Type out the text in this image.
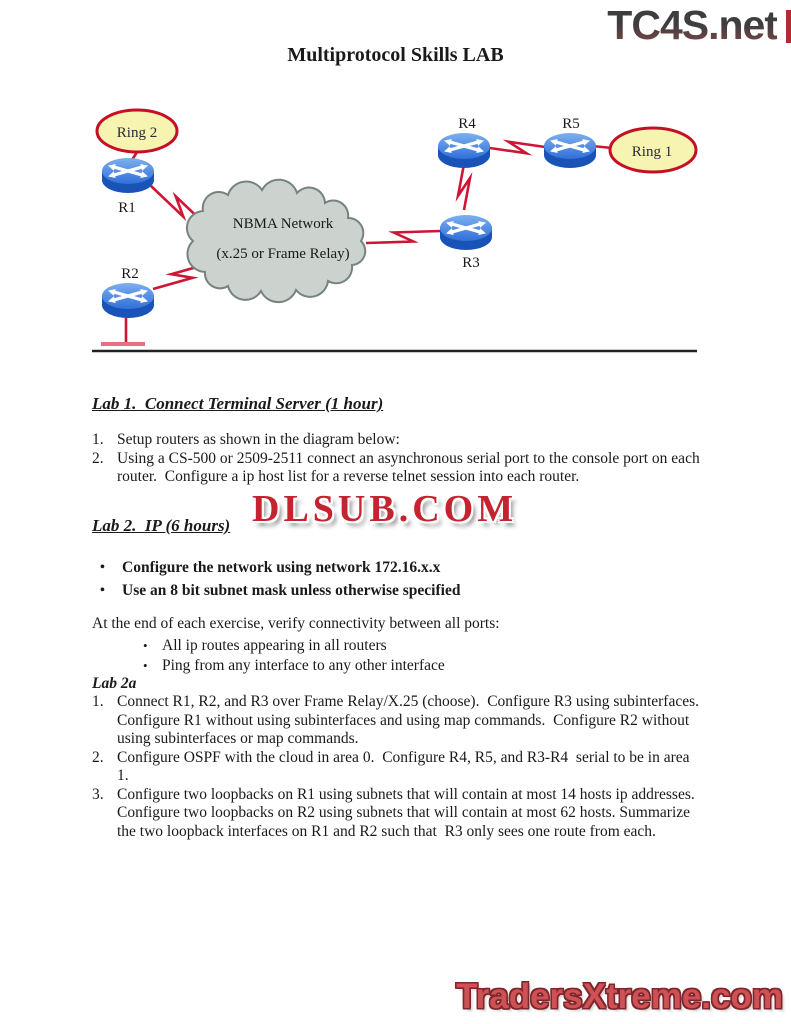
TC4S.net
Multiprotocol Skills LAB
NBMA Network
(x.25 or Frame Relay)
Ring 2
Ring 1
R1
R2
R3
R4	R5
Lab 1.  Connect Terminal Server (1 hour)
1. Setup routers as shown in the diagram below:
2. Using a CS-500 or 2509-2511 connect an asynchronous serial port to the console port on each router.  Configure a ip host list for a reverse telnet session into each router.
DLSUB.COM
Lab 2.  IP (6 hours)
•	Configure the network using network 172.16.x.x
•	Use an 8 bit subnet mask unless otherwise specified

At the end of each exercise, verify connectivity between all ports:

• All ip routes appearing in all routers
• Ping from any interface to any other interface
Lab 2a
1. Connect R1, R2, and R3 over Frame Relay/X.25 (choose).  Configure R3 using subinterfaces.  Configure R1 without using subinterfaces and using map commands.  Configure R2 without using subinterfaces or map commands.
2. Configure OSPF with the cloud in area 0.  Configure R4, R5, and R3-R4  serial to be in area 1.
3. Configure two loopbacks on R1 using subnets that will contain at most 14 hosts ip addresses.  Configure two loopbacks on R2 using subnets that will contain at most 62 hosts. Summarize the two loopback interfaces on R1 and R2 such that  R3 only sees one route from each.
TradersXtreme.com
